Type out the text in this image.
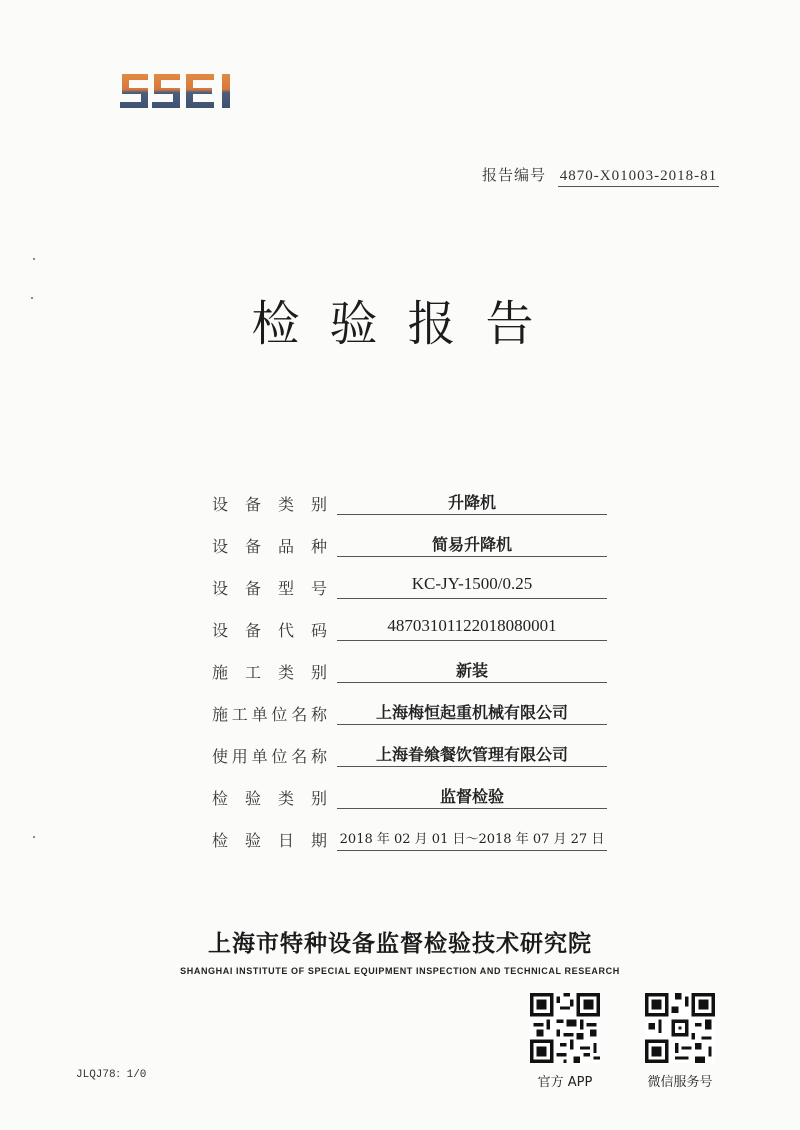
报告编号 4870-X01003-2018-81
检验报告
设备类别	升降机
设备品种	简易升降机
设备型号	KC-JY-1500/0.25
设备代码	48703101122018080001
施工类别	新装
施工单位名称	上海梅恒起重机械有限公司
使用单位名称	上海眷飨餐饮管理有限公司
检验类别	监督检验
检验日期 2018 年 02 月 01 日～2018 年 07 月 27 日
上海市特种设备监督检验技术研究院
SHANGHAI INSTITUTE OF SPECIAL EQUIPMENT INSPECTION AND TECHNICAL RESEARCH
官方 APP	微信服务号
JLQJ78：1/0
